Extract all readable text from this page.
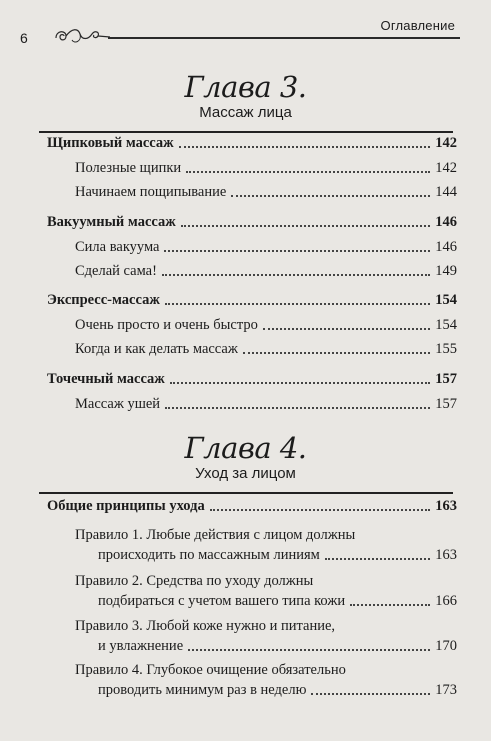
6
Оглавление
Глава 3.
Массаж лица
Щипковый массаж	142
Полезные щипки	142
Начинаем пощипывание	144
Вакуумный массаж	146
Сила вакуума	146
Сделай сама!	149
Экспресс-массаж	154
Очень просто и очень быстро	154
Когда и как делать массаж	155
Точечный массаж	157
Массаж ушей	157
Глава 4.
Уход за лицом
Общие принципы ухода	163
Правило 1. Любые действия с лицом должны
происходить по массажным линиям	163
Правило 2. Средства по уходу должны
подбираться с учетом вашего типа кожи	166
Правило 3. Любой коже нужно и питание,
и увлажнение	170
Правило 4. Глубокое очищение обязательно
проводить минимум раз в неделю	173
